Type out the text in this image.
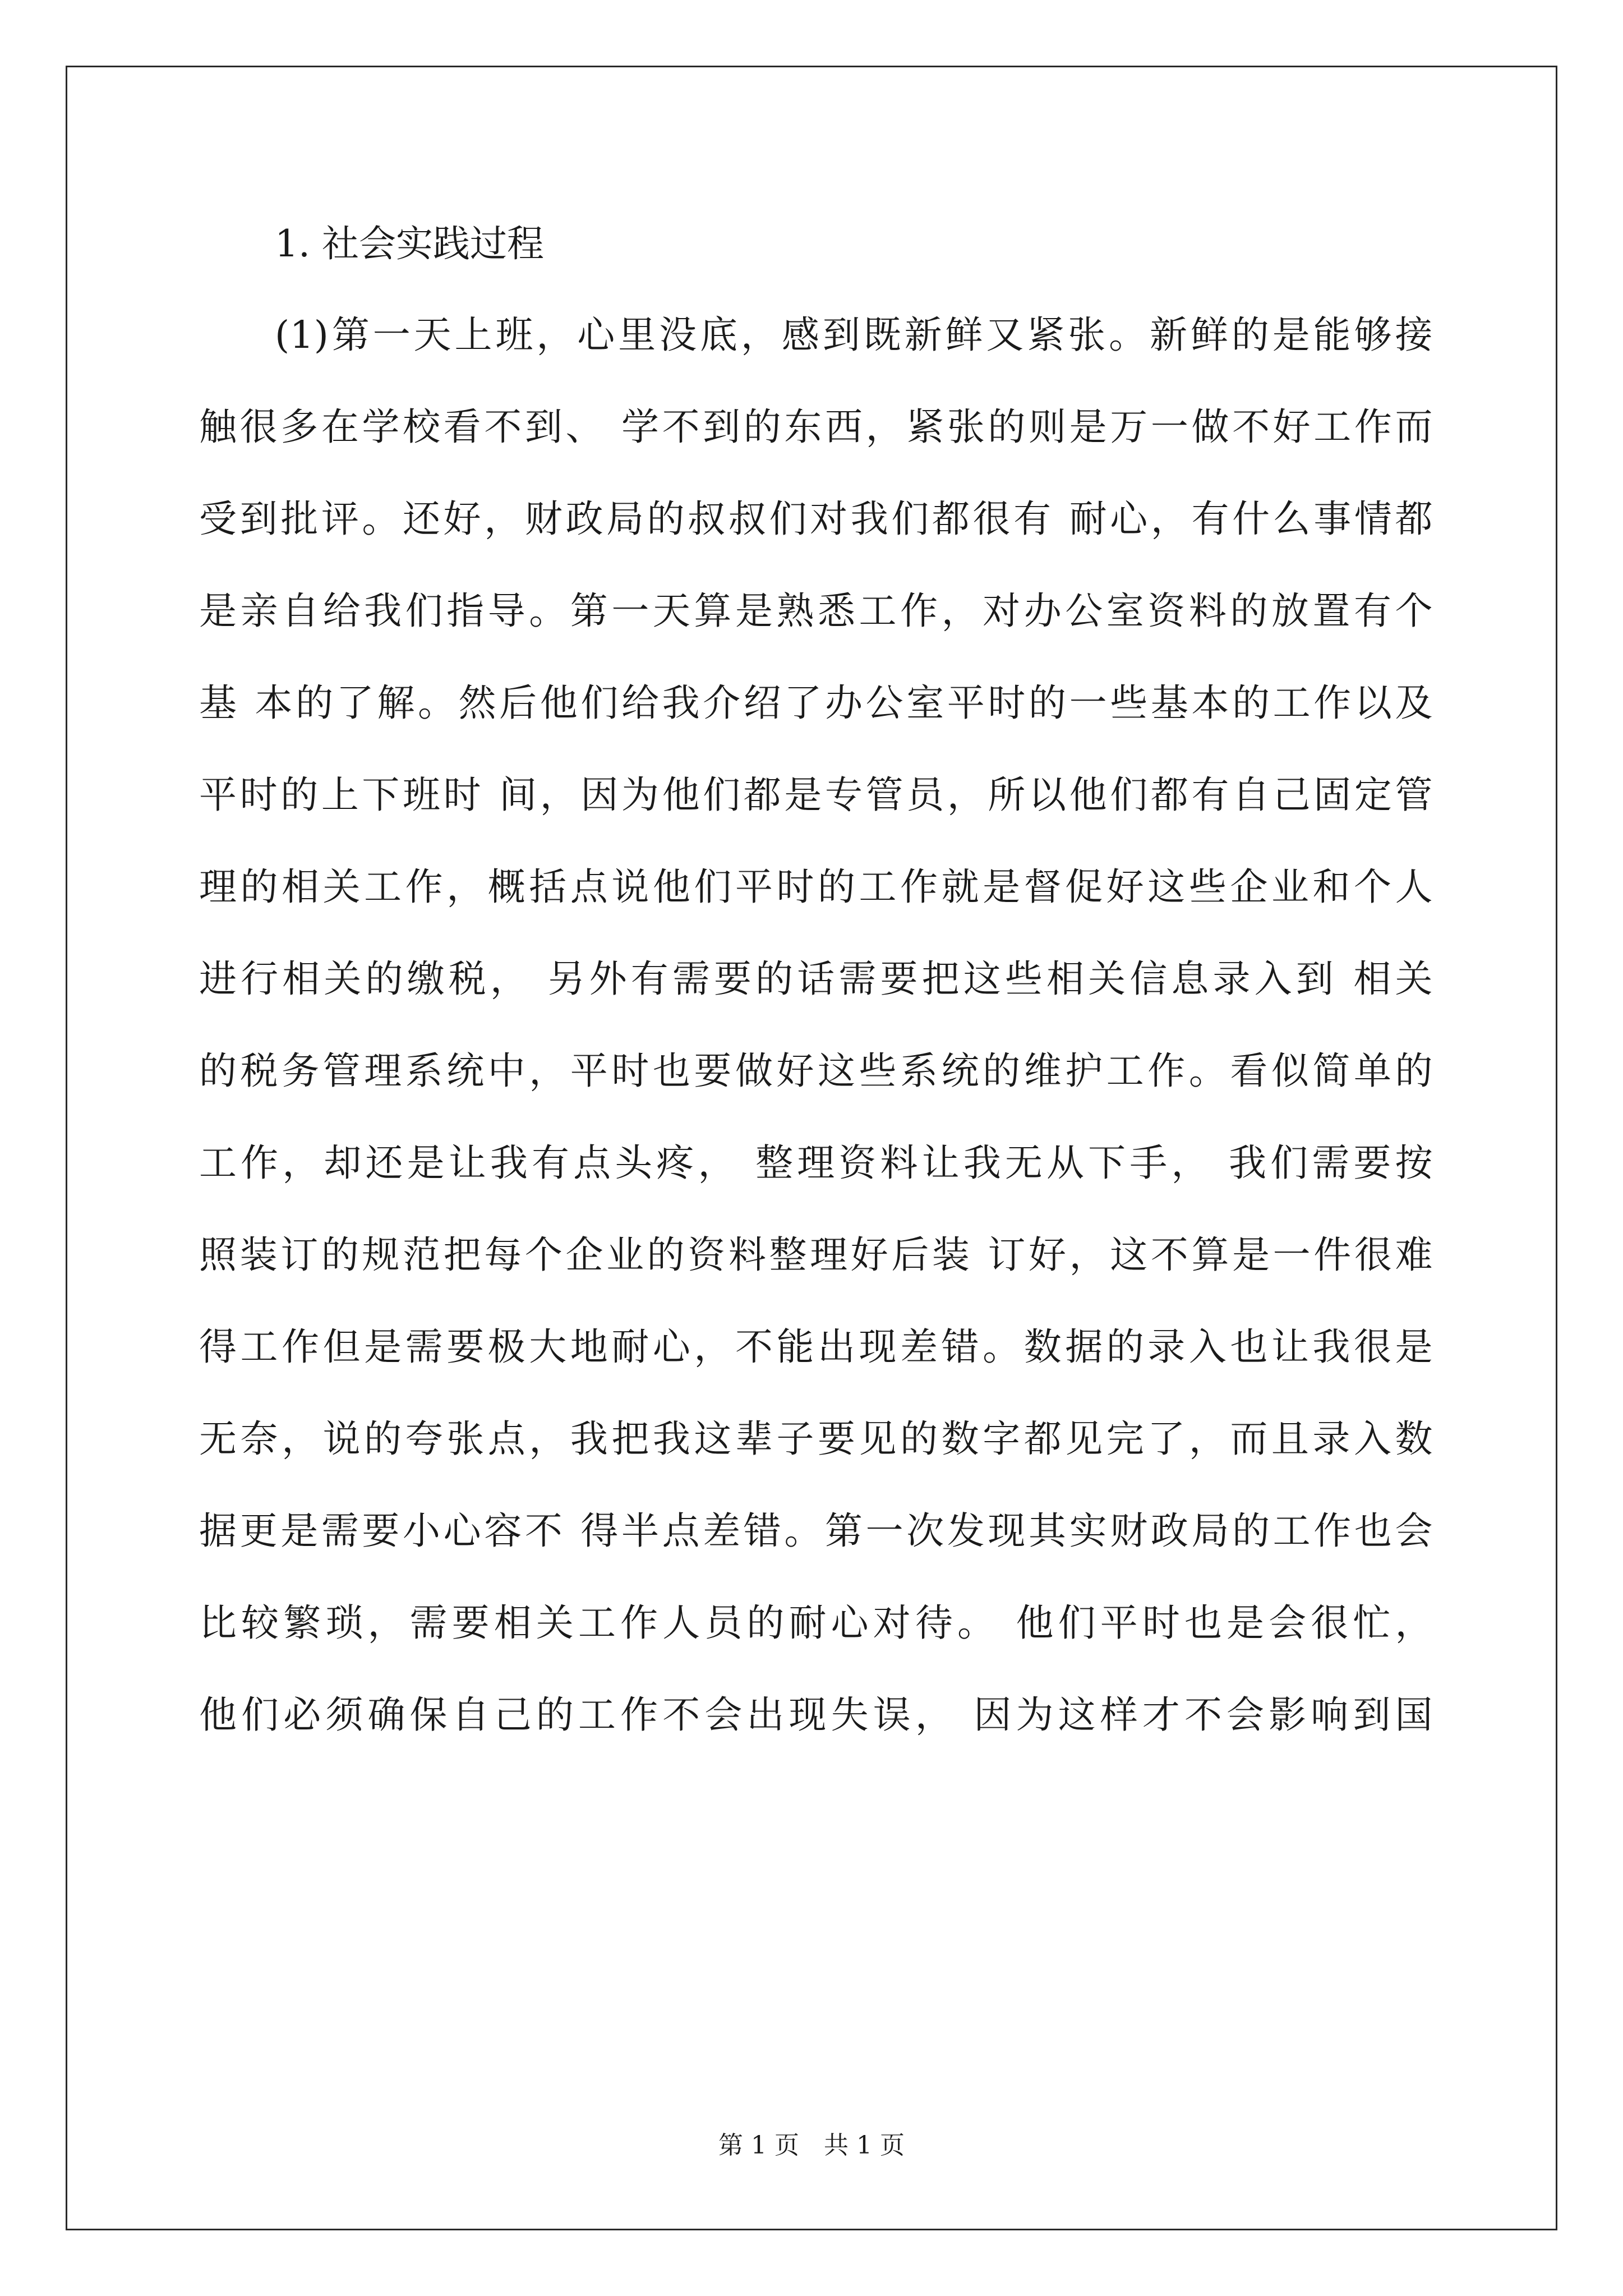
1. 社会实践过程

(1)第一天上班，心里没底，感到既新鲜又紧张。新鲜的是能够接

触很多在学校看不到、 学不到的东西，紧张的则是万一做不好工作而

受到批评。还好，财政局的叔叔们对我们都很有 耐心，有什么事情都

是亲自给我们指导。第一天算是熟悉工作，对办公室资料的放置有个

基 本的了解。然后他们给我介绍了办公室平时的一些基本的工作以及

平时的上下班时 间，因为他们都是专管员，所以他们都有自己固定管

理的相关工作，概括点说他们平时的工作就是督促好这些企业和个人

进行相关的缴税， 另外有需要的话需要把这些相关信息录入到 相关

的税务管理系统中，平时也要做好这些系统的维护工作。看似简单的

工作，却还是让我有点头疼， 整理资料让我无从下手， 我们需要按

照装订的规范把每个企业的资料整理好后装 订好，这不算是一件很难

得工作但是需要极大地耐心，不能出现差错。数据的录入也让我很是

无奈，说的夸张点，我把我这辈子要见的数字都见完了，而且录入数

据更是需要小心容不 得半点差错。第一次发现其实财政局的工作也会

比较繁琐，需要相关工作人员的耐心对待。 他们平时也是会很忙，

他们必须确保自己的工作不会出现失误， 因为这样才不会影响到国

第 1 页　共 1 页
